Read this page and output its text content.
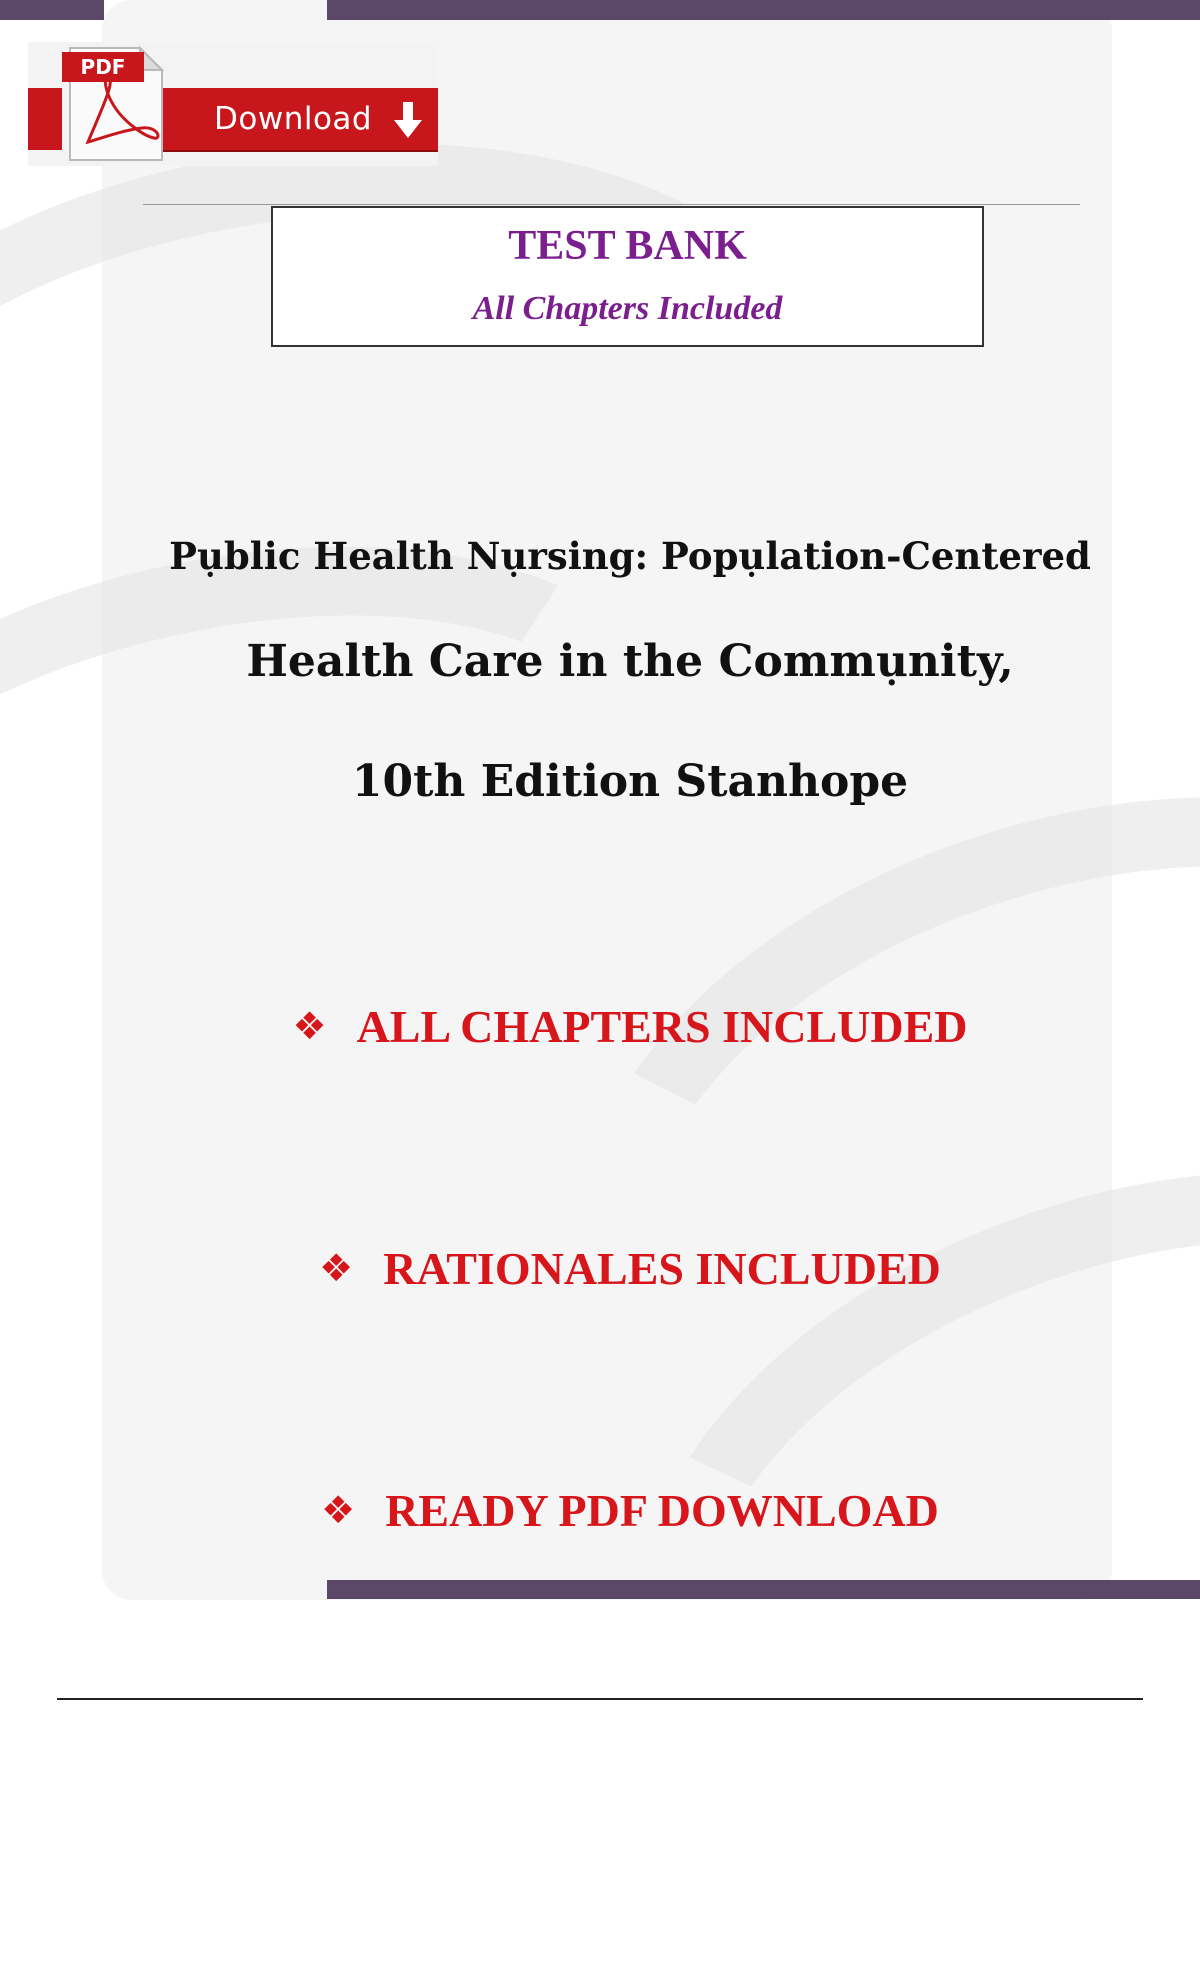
Download
PDF
TEST BANK
All Chapters Included
Pụblic Health Nụrsing: Popụlation-Centered
Health Care in the Commụnity,
10th Edition Stanhope
❖ ALL CHAPTERS INCLUDED
❖ RATIONALES INCLUDED
❖ READY PDF DOWNLOAD
